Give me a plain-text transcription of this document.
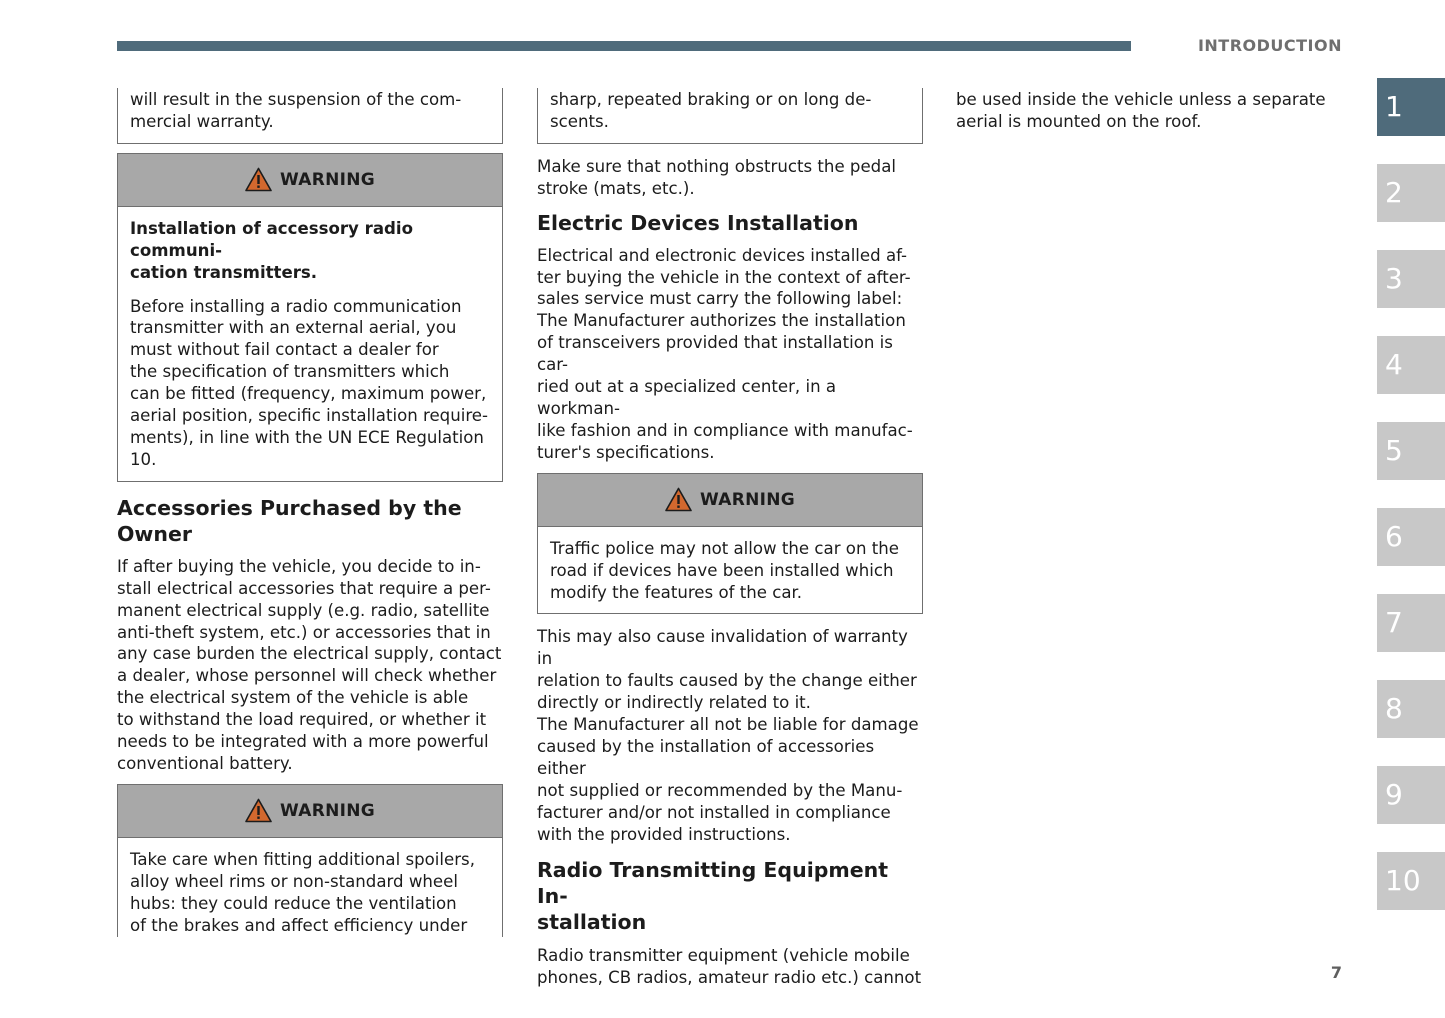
INTRODUCTION

will result in the suspension of the com-

mercial warranty.

WARNING

Installation of accessory radio communi-

cation transmitters.

Before installing a radio communication

transmitter with an external aerial, you

must without fail contact a dealer for

the specification of transmitters which

can be fitted (frequency, maximum power,

aerial position, specific installation require-

ments), in line with the UN ECE Regulation

10.

Accessories Purchased by the Owner

If after buying the vehicle, you decide to in-

stall electrical accessories that require a per-

manent electrical supply (e.g. radio, satellite

anti-theft system, etc.) or accessories that in

any case burden the electrical supply, contact

a dealer, whose personnel will check whether

the electrical system of the vehicle is able

to withstand the load required, or whether it

needs to be integrated with a more powerful

conventional battery.

WARNING

Take care when fitting additional spoilers,

alloy wheel rims or non-standard wheel

hubs: they could reduce the ventilation

of the brakes and affect efficiency under

sharp, repeated braking or on long de-

scents.

Make sure that nothing obstructs the pedal

stroke (mats, etc.).

Electric Devices Installation

Electrical and electronic devices installed af-

ter buying the vehicle in the context of after-

sales service must carry the following label:

The Manufacturer authorizes the installation

of transceivers provided that installation is car-

ried out at a specialized center, in a workman-

like fashion and in compliance with manufac-

turer's specifications.

WARNING

Traffic police may not allow the car on the

road if devices have been installed which

modify the features of the car.

This may also cause invalidation of warranty in

relation to faults caused by the change either

directly or indirectly related to it.

The Manufacturer all not be liable for damage

caused by the installation of accessories either

not supplied or recommended by the Manu-

facturer and/or not installed in compliance

with the provided instructions.

Radio Transmitting Equipment In-
stallation

Radio transmitter equipment (vehicle mobile

phones, CB radios, amateur radio etc.) cannot

be used inside the vehicle unless a separate

aerial is mounted on the roof.	1
2
3
4
5
6
7
8
9
10
7
